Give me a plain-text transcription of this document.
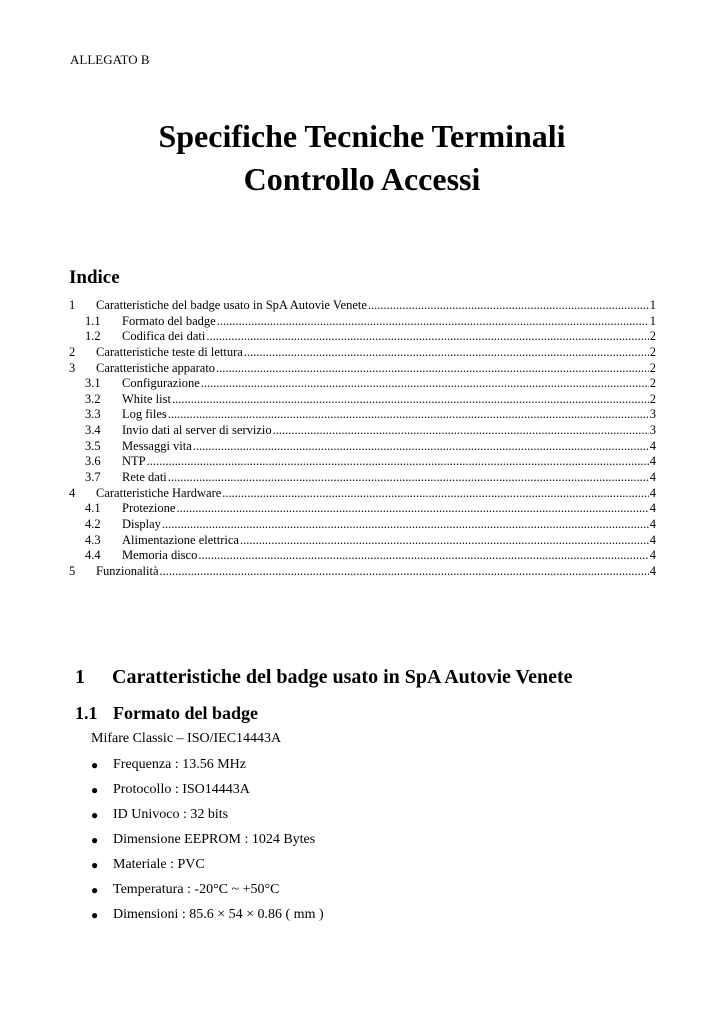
ALLEGATO B
Specifiche Tecniche Terminali
Controllo Accessi
Indice
1	Caratteristiche del badge usato in SpA Autovie Venete .....	1
1.1	Formato del badge .....	1
1.2	Codifica dei dati .....	2
2	Caratteristiche teste di lettura .....	2
3	Caratteristiche apparato .....	2
3.1	Configurazione .....	2
3.2	White list .....	2
3.3	Log files .....	3
3.4	Invio dati al server di servizio .....	3
3.5	Messaggi vita .....	4
3.6	NTP .....	4
3.7	Rete dati .....	4
4	Caratteristiche Hardware .....	4
4.1	Protezione .....	4
4.2	Display .....	4
4.3	Alimentazione elettrica .....	4
4.4	Memoria disco .....	4
5	Funzionalità .....	4
1 Caratteristiche del badge usato in SpA Autovie Venete
1.1 Formato del badge
Mifare Classic – ISO/IEC14443A
●	Frequenza : 13.56 MHz
●	Protocollo : ISO14443A
●	ID Univoco : 32 bits
●	Dimensione EEPROM : 1024 Bytes
●	Materiale : PVC
●	Temperatura : -20°C ~ +50°C
●	Dimensioni : 85.6 × 54 × 0.86 ( mm )
